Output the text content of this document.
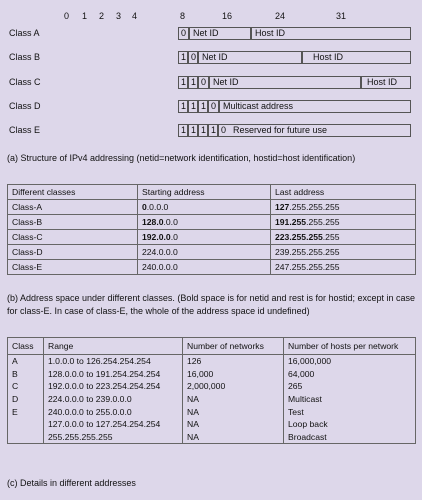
0 1 2 3 4	8	16	24	31
Class A	0 Net ID	Host ID
Class B	1 0 Net ID	Host ID
Class C	1 1 0 Net ID	Host ID
Class D	1 1 1 0 Multicast address
Class E	1 1 1 1 0 Reserved for future use
(a) Structure of IPv4 addressing (netid=network identification, hostid=host identification)
Different classes	Starting address	Last address
Class-A	0.0.0.0	127.255.255.255
Class-B	128.0.0.0	191.255.255.255
Class-C	192.0.0.0	223.255.255.255
Class-D	224.0.0.0	239.255.255.255
Class-E	240.0.0.0	247.255.255.255
(b) Address space under different classes. (Bold space is for netid and rest is for hostid; except in case for class-E. In case of class-E, the whole of the address space id undefined)
Class	Range	Number of networks	Number of hosts per network
A	1.0.0.0 to 126.254.254.254	126	16,000,000
B	128.0.0.0 to 191.254.254.254	16,000	64,000
C	192.0.0.0 to 223.254.254.254	2,000,000	265
D	224.0.0.0 to 239.0.0.0	NA	Multicast
E	240.0.0.0 to 255.0.0.0	NA	Test
	127.0.0.0 to 127.254.254.254	NA	Loop back
	255.255.255.255	NA	Broadcast
(c) Details in different addresses
